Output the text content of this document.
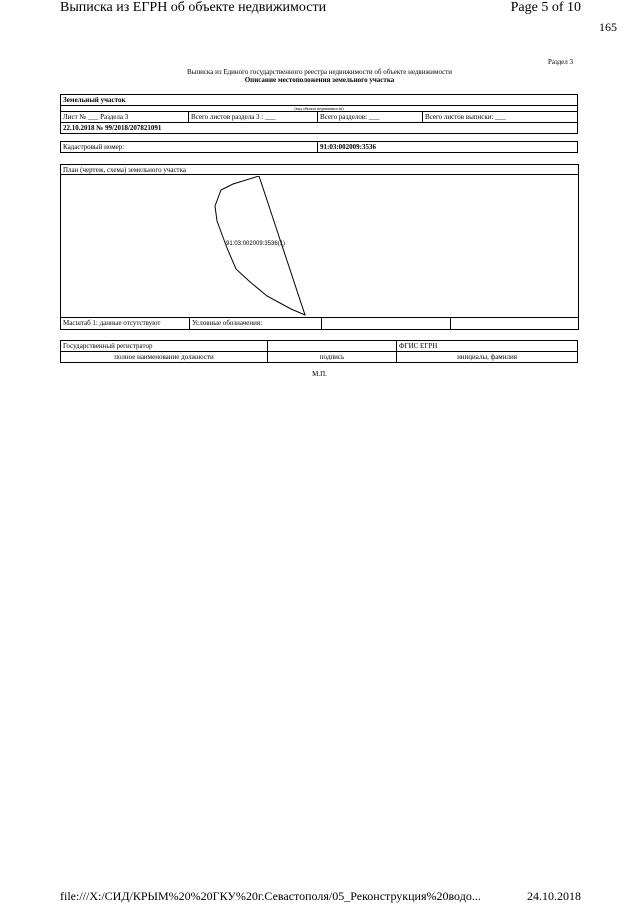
Выписка из ЕГРН об объекте недвижимости	Page 5 of 10
165
Раздел 3
Выписка из Единого государственного реестра недвижимости об объекте недвижимости
Описание местоположения земельного участка
Земельный участок
(вид объекта недвижимости)
Лист № ___ Раздела 3	Всего листов раздела 3 : ___	Всего разделов: ___	Всего листов выписки: ___
22.10.2018 № 99/2018/207821091
Кадастровый номер:	91:03:002009:3536
План (чертеж, схема) земельного участка
91:03:002009:3536(1)
Масштаб 1: данные отсутствуют	Условные обозначения:
Государственный регистратор		ФГИС ЕГРН
полное наименование должности	подпись	инициалы, фамилия
М.П.
file:///X:/СИД/КРЫМ%20%20ГКУ%20г.Севастополя/05_Реконструкция%20водо...	24.10.2018
